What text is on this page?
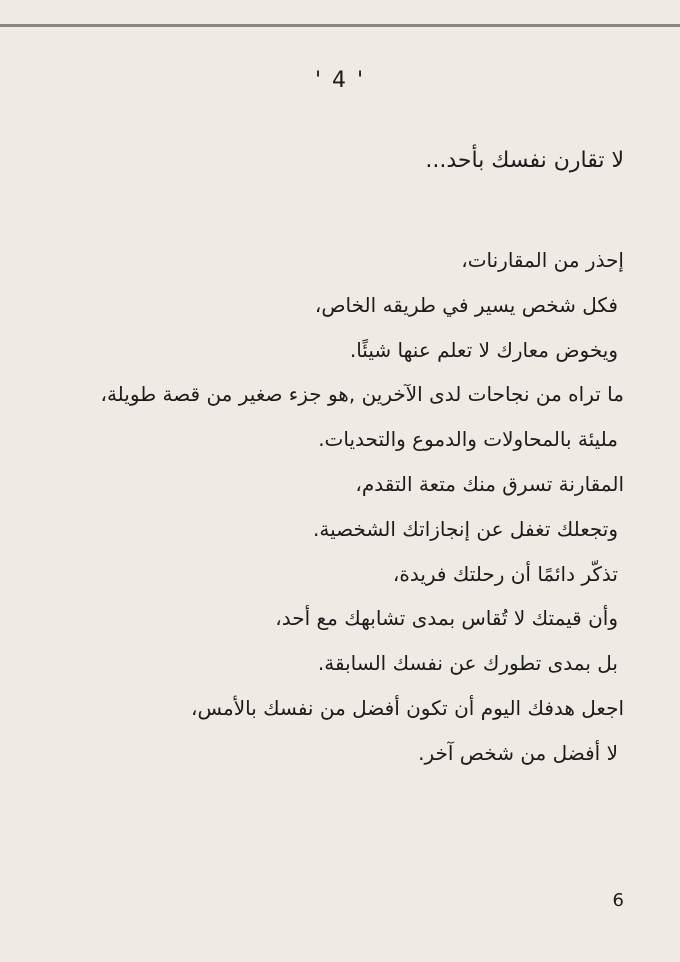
' 4 '
لا تقارن نفسك بأحد...
إحذر من المقارنات،
فكل شخص يسير في طريقه الخاص،
ويخوض معارك لا تعلم عنها شيئًا.
ما تراه من نجاحات لدى الآخرين ,هو جزء صغير من قصة طويلة،
مليئة بالمحاولات والدموع والتحديات.
المقارنة تسرق منك متعة التقدم،
وتجعلك تغفل عن إنجازاتك الشخصية.
تذكّر دائمًا أن رحلتك فريدة،
وأن قيمتك لا تُقاس بمدى تشابهك مع أحد،
بل بمدى تطورك عن نفسك السابقة.
اجعل هدفك اليوم أن تكون أفضل من نفسك بالأمس،
لا أفضل من شخص آخر.
6
